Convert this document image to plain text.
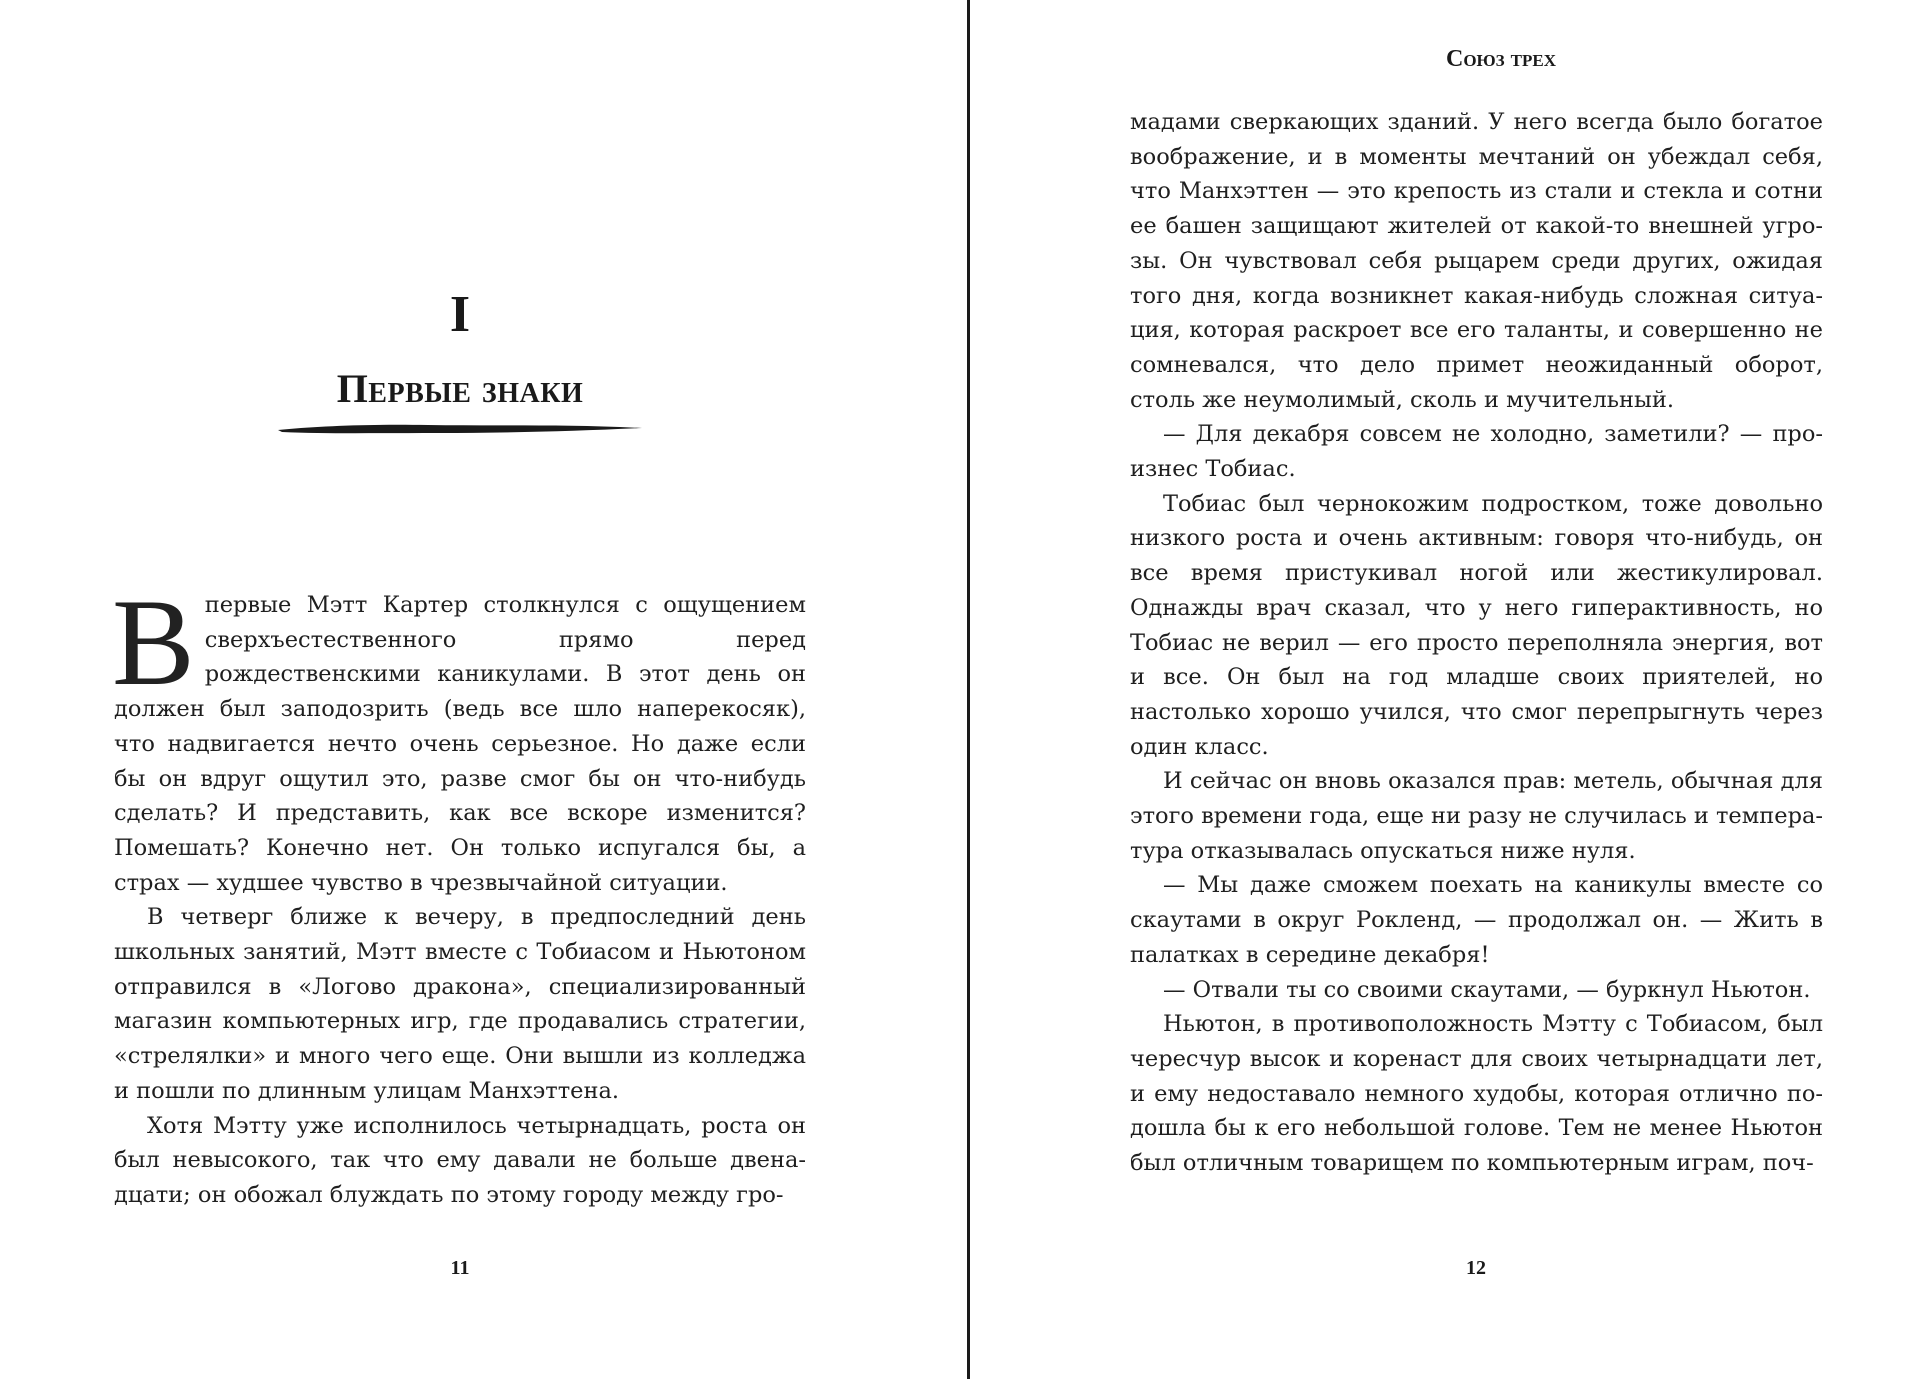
I
Первые знаки

Впервые Мэтт Картер столкнулся с ощущением сверхъестественного прямо перед рождественскими каникулами. В этот день он должен был заподозрить (ведь все шло наперекосяк), что надвигается нечто очень серьезное. Но даже если бы он вдруг ощутил это, разве смог бы он что-нибудь сделать? И представить, как все вскоре изменится? Помешать? Конечно нет. Он только испугался бы, а страх — худшее чувство в чрезвычайной ситуации.

В четверг ближе к вечеру, в предпоследний день школьных занятий, Мэтт вместе с Тобиасом и Ньютоном отправился в «Логово дракона», специализированный магазин компьютерных игр, где продавались стратегии, «стрелялки» и много чего еще. Они вышли из колледжа и пошли по длинным улицам Манхэттена.

Хотя Мэтту уже исполнилось четырнадцать, роста он был невысокого, так что ему давали не больше двенадцати; он обожал блуждать по этому городу между гро-

11
Союз трех

мадами сверкающих зданий. У него всегда было богатое воображение, и в моменты мечтаний он убеждал себя, что Манхэттен — это крепость из стали и стекла и сотни ее башен защищают жителей от какой-то внешней угрозы. Он чувствовал себя рыцарем среди других, ожидая того дня, когда возникнет какая-нибудь сложная ситуация, которая раскроет все его таланты, и совершенно не сомневался, что дело примет неожиданный оборот, столь же неумолимый, сколь и мучительный.

— Для декабря совсем не холодно, заметили? — произнес Тобиас.

Тобиас был чернокожим подростком, тоже довольно низкого роста и очень активным: говоря что-нибудь, он все время пристукивал ногой или жестикулировал. Однажды врач сказал, что у него гиперактивность, но Тобиас не верил — его просто переполняла энергия, вот и все. Он был на год младше своих приятелей, но настолько хорошо учился, что смог перепрыгнуть через один класс.

И сейчас он вновь оказался прав: метель, обычная для этого времени года, еще ни разу не случилась и температура отказывалась опускаться ниже нуля.

— Мы даже сможем поехать на каникулы вместе со скаутами в округ Рокленд, — продолжал он. — Жить в палатках в середине декабря!

— Отвали ты со своими скаутами, — буркнул Ньютон.

Ньютон, в противоположность Мэтту с Тобиасом, был чересчур высок и коренаст для своих четырнадцати лет, и ему недоставало немного худобы, которая отлично подошла бы к его небольшой голове. Тем не менее Ньютон был отличным товарищем по компьютерным играм, поч-

12
